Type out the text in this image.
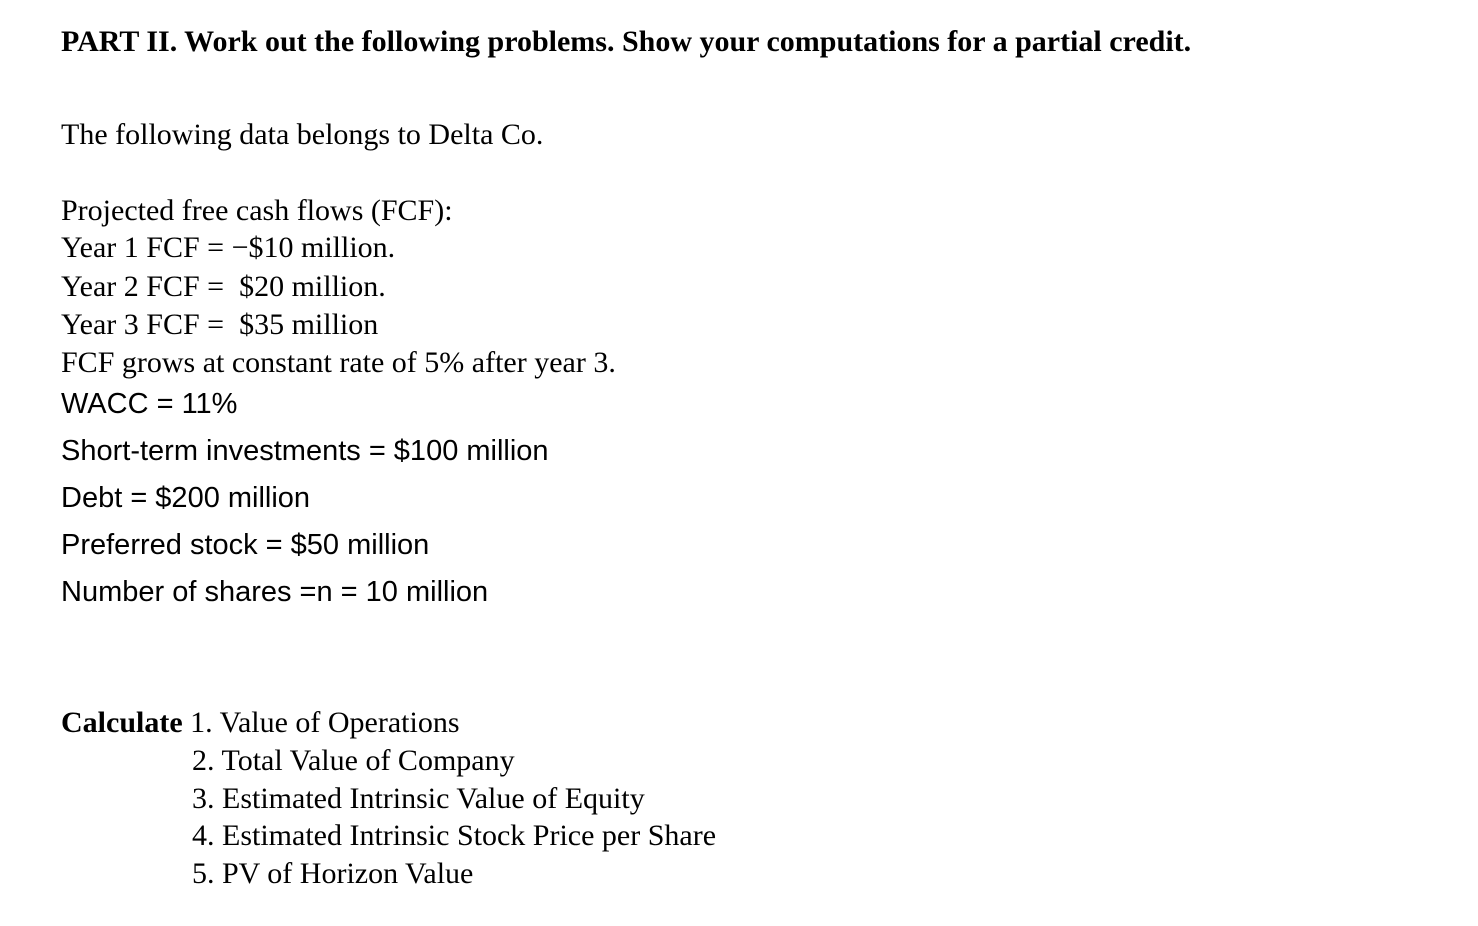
PART II. Work out the following problems. Show your computations for a partial credit.
The following data belongs to Delta Co.
Projected free cash flows (FCF):
Year 1 FCF = −$10 million.
Year 2 FCF =  $20 million.
Year 3 FCF =  $35 million
FCF grows at constant rate of 5% after year 3.
WACC = 11%
Short-term investments = $100 million
Debt = $200 million
Preferred stock = $50 million
Number of shares =n = 10 million
Calculate 1. Value of Operations
2. Total Value of Company
3. Estimated Intrinsic Value of Equity
4. Estimated Intrinsic Stock Price per Share
5. PV of Horizon Value
